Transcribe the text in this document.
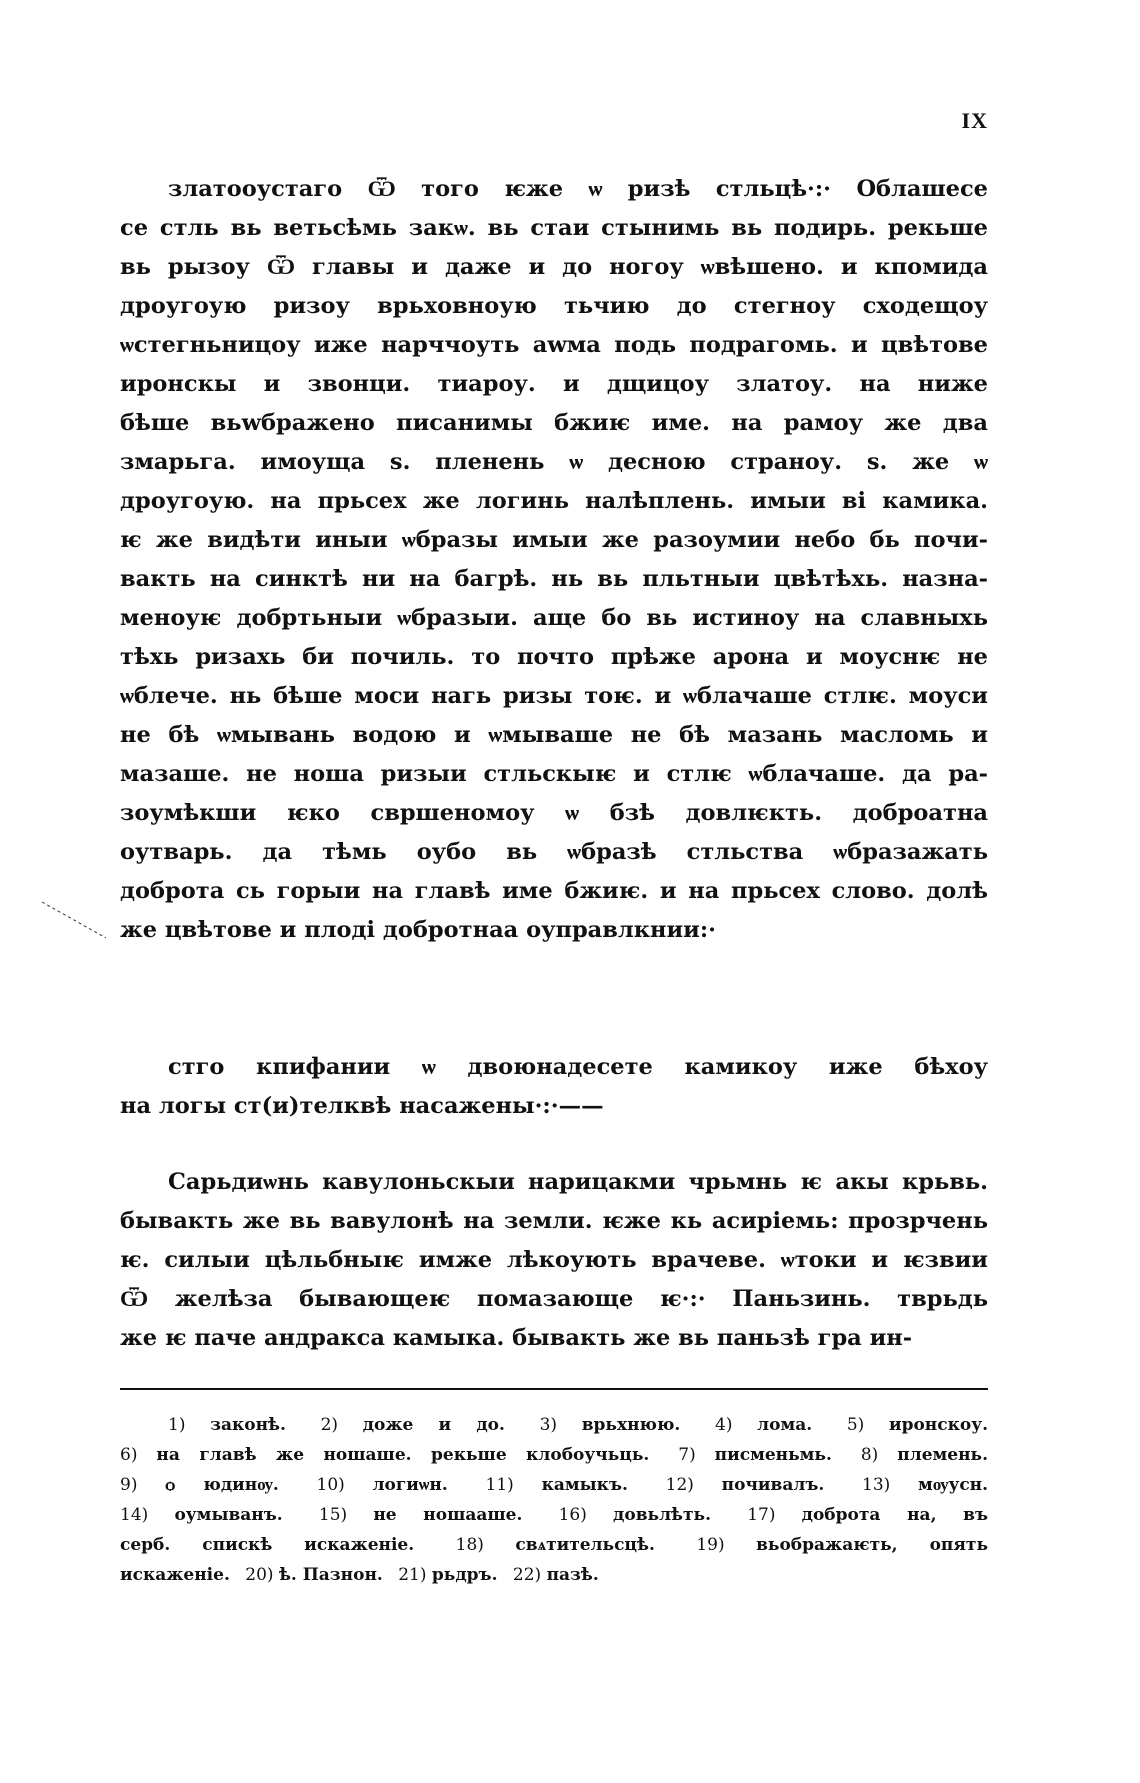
IX
златооустаго Ѿ того ѥже ѡ ризѣ стльцѣ·:· Облашесе
се стль вь ветьсѣмь закѡ. вь стаи стынимь вь подирь. рекьше
вь рызоу Ѿ главы и даже и до ногоу ѡвѣшено. и кпомида
дроугоую ризоу врьховноую тьчию до стегноу сходещоу
ѡстегньницоу иже нарччоуть аwма подь подрагомь. и цвѣтове
иронскы и звонци. тиароу. и дщицоу златоу. на ниже
бѣше вьwбражено писанимы бжиѥ име. на рамоу же два
змарьга. имоуща ѕ. пленень ѡ десною страноу. ѕ. же ѡ
дроугоую. на прьсех же логинь налѣплень. имыи ві камика.
ѥ же видѣти иныи ѡбразы имыи же разоумии небо бь почи-
вакть на синктѣ ни на багрѣ. нь вь пльтныи цвѣтѣхь. назна-
меноуѥ добртьныи ѡбразыи. аще бо вь истиноу на славныхь
тѣхь ризахь би почиль. то почто прѣже арона и моуснѥ не
ѡблече. нь бѣше моси нагь ризы тоѥ. и ѡблачаше стлѥ. моуси
не бѣ ѡмывань водою и ѡмываше не бѣ мазань масломь и
мазаше. не ноша ризыи стльскыѥ и стлѥ ѡблачаше. да ра-
зоумѣкши ѥко свршеномоу ѡ бзѣ довлѥкть. доброатна
оутварь. да тѣмь оубо вь ѡбразѣ стльства ѡбразажать
доброта сь горыи на главѣ име бжиѥ. и на прьсех слово. долѣ
же цвѣтове и плоді добротнаа оуправлкнии:·
стго кпифании ѡ двоюнадесете камикоу иже бѣхоу
на логы ст(и)телквѣ насажены·:·——
Сарьдиѡнь кавулоньскыи нарицакми чрьмнь ѥ акы крьвь.
бывакть же вь вавулонѣ на земли. ѥже кь асиріемь: прозрчень
ѥ. силыи цѣльбныѥ имже лѣкоують врачеве. ѡтоки и ѥзвии
Ѿ желѣза бывающеѥ помазающе ѥ·:· Паньзинь. тврьдь
же ѥ паче андракса камыка. бывакть же вь паньзѣ гра ин-
1) законѣ. 2) доже и до. 3) врьхнюю. 4) лома. 5) иронскоу.
6) на главѣ же ношаше. рекьше клобоучьць. 7) писменьмь. 8) племень.
9) ѻ юдинѹ. 10) логиѡн. 11) камыкъ. 12) почивалъ. 13) мѹусн.
14) оумыванъ. 15) не ношааше. 16) довьлѣть. 17) доброта на, въ
серб. спискѣ искаженіе. 18) свѧтительсцѣ. 19) вьображаѥть, опять
искаженіе. 20) ѣ. Пазнон. 21) рьдръ. 22) пазѣ.
